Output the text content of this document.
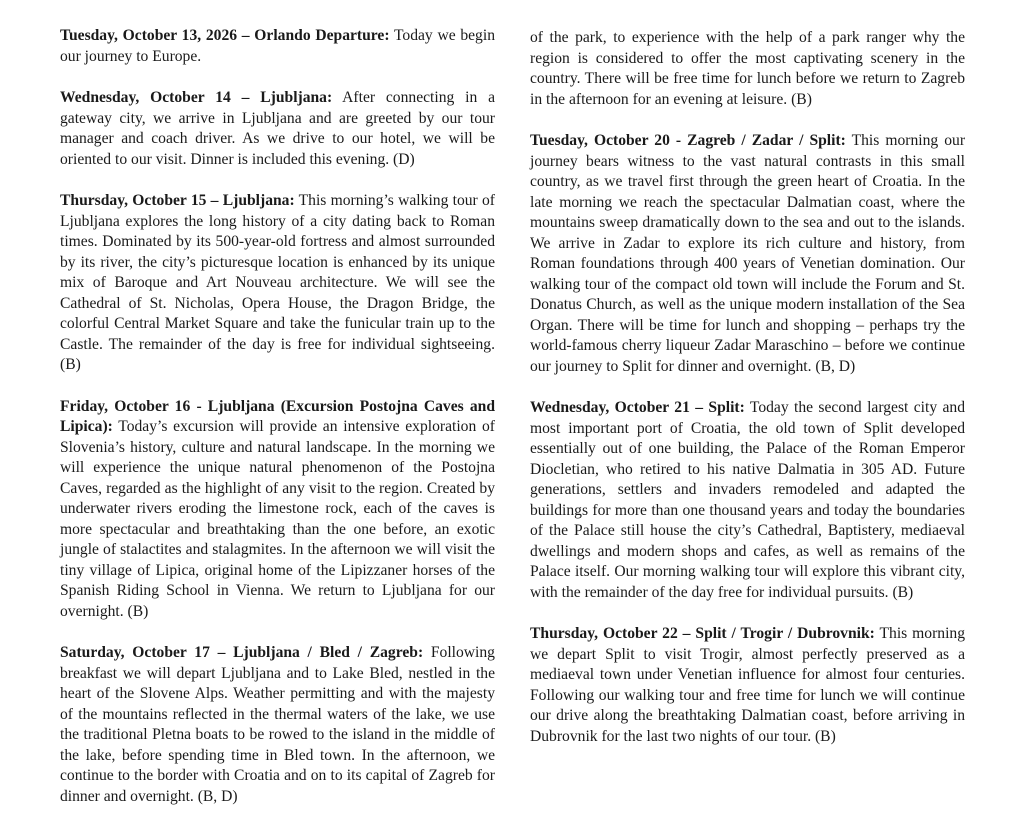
Tuesday, October 13, 2026 – Orlando Departure: Today we begin our journey to Europe.

Wednesday, October 14 – Ljubljana: After connecting in a gateway city, we arrive in Ljubljana and are greeted by our tour manager and coach driver. As we drive to our hotel, we will be oriented to our visit. Dinner is included this evening. (D)

Thursday, October 15 – Ljubljana: This morning’s walking tour of Ljubljana explores the long history of a city dating back to Roman times. Dominated by its 500-year-old fortress and almost surrounded by its river, the city’s picturesque location is enhanced by its unique mix of Baroque and Art Nouveau architecture. We will see the Cathedral of St. Nicholas, Opera House, the Dragon Bridge, the colorful Central Market Square and take the funicular train up to the Castle. The remainder of the day is free for individual sightseeing. (B)

Friday, October 16 - Ljubljana (Excursion Postojna Caves and Lipica): Today’s excursion will provide an intensive exploration of Slovenia’s history, culture and natural landscape. In the morning we will experience the unique natural phenomenon of the Postojna Caves, regarded as the highlight of any visit to the region. Created by underwater rivers eroding the limestone rock, each of the caves is more spectacular and breathtaking than the one before, an exotic jungle of stalactites and stalagmites. In the afternoon we will visit the tiny village of Lipica, original home of the Lipizzaner horses of the Spanish Riding School in Vienna. We return to Ljubljana for our overnight. (B)

Saturday, October 17 – Ljubljana / Bled / Zagreb: Following breakfast we will depart Ljubljana and to Lake Bled, nestled in the heart of the Slovene Alps. Weather permitting and with the majesty of the mountains reflected in the thermal waters of the lake, we use the traditional Pletna boats to be rowed to the island in the middle of the lake, before spending time in Bled town. In the afternoon, we continue to the border with Croatia and on to its capital of Zagreb for dinner and overnight. (B, D)

of the park, to experience with the help of a park ranger why the region is considered to offer the most captivating scenery in the country. There will be free time for lunch before we return to Zagreb in the afternoon for an evening at leisure. (B)

Tuesday, October 20 - Zagreb / Zadar / Split: This morning our journey bears witness to the vast natural contrasts in this small country, as we travel first through the green heart of Croatia. In the late morning we reach the spectacular Dalmatian coast, where the mountains sweep dramatically down to the sea and out to the islands. We arrive in Zadar to explore its rich culture and history, from Roman foundations through 400 years of Venetian domination. Our walking tour of the compact old town will include the Forum and St. Donatus Church, as well as the unique modern installation of the Sea Organ. There will be time for lunch and shopping – perhaps try the world-famous cherry liqueur Zadar Maraschino – before we continue our journey to Split for dinner and overnight. (B, D)

Wednesday, October 21 – Split: Today the second largest city and most important port of Croatia, the old town of Split developed essentially out of one building, the Palace of the Roman Emperor Diocletian, who retired to his native Dalmatia in 305 AD. Future generations, settlers and invaders remodeled and adapted the buildings for more than one thousand years and today the boundaries of the Palace still house the city’s Cathedral, Baptistery, mediaeval dwellings and modern shops and cafes, as well as remains of the Palace itself. Our morning walking tour will explore this vibrant city, with the remainder of the day free for individual pursuits. (B)

Thursday, October 22 – Split / Trogir / Dubrovnik: This morning we depart Split to visit Trogir, almost perfectly preserved as a mediaeval town under Venetian influence for almost four centuries. Following our walking tour and free time for lunch we will continue our drive along the breathtaking Dalmatian coast, before arriving in Dubrovnik for the last two nights of our tour. (B)
